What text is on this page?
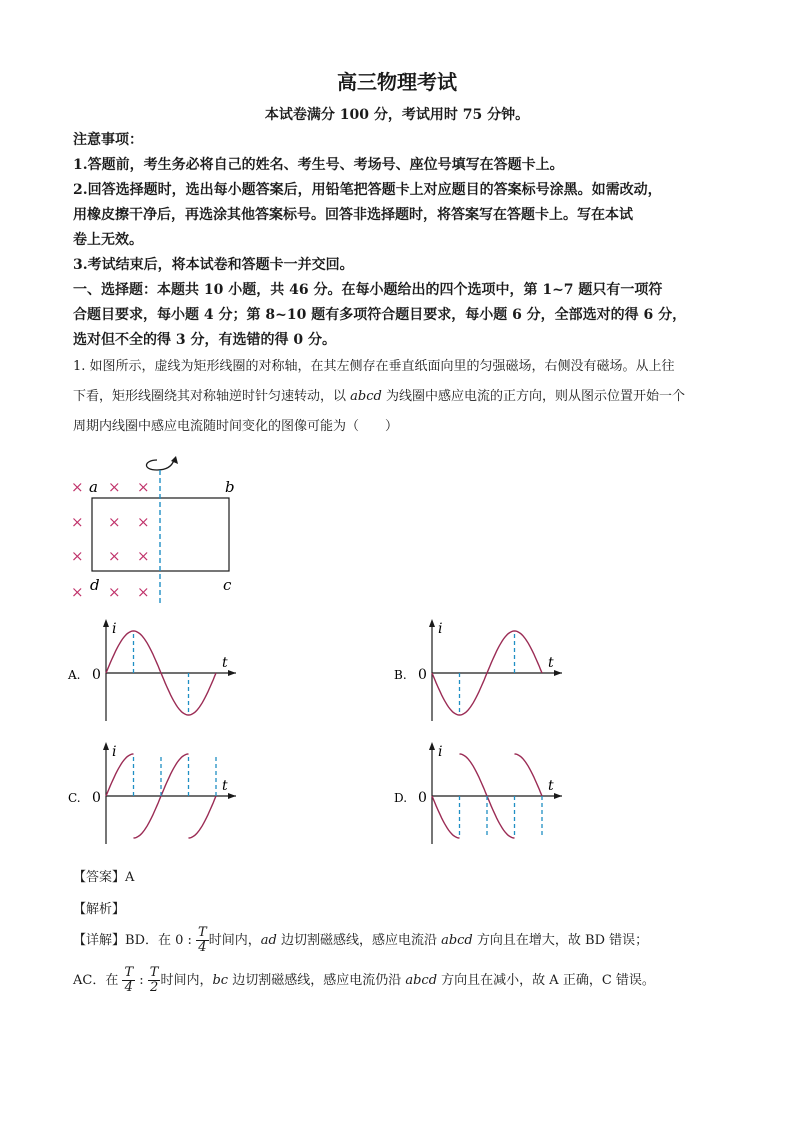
高三物理考试
本试卷满分 100 分，考试用时 75 分钟。
注意事项：
1.答题前，考生务必将自己的姓名、考生号、考场号、座位号填写在答题卡上。
2.回答选择题时，选出每小题答案后，用铅笔把答题卡上对应题目的答案标号涂黑。如需改动，
用橡皮擦干净后，再选涂其他答案标号。回答非选择题时，将答案写在答题卡上。写在本试
卷上无效。
3.考试结束后，将本试卷和答题卡一并交回。
一、选择题：本题共 10 小题，共 46 分。在每小题给出的四个选项中，第 1~7 题只有一项符
合题目要求，每小题 4 分；第 8~10 题有多项符合题目要求，每小题 6 分，全部选对的得 6 分，
选对但不全的得 3 分，有选错的得 0 分。
1. 如图所示，虚线为矩形线圈的对称轴，在其左侧存在垂直纸面向里的匀强磁场，右侧没有磁场。从上往
下看，矩形线圈绕其对称轴逆时针匀速转动，以 abcd 为线圈中感应电流的正方向，则从图示位置开始一个
周期内线圈中感应电流随时间变化的图像可能为（　　）
× × ×
× × ×
× × ×
× × ×
a	b
c
d
A.
i
t
0	B.
i
t
0
C.
i
t
0	D.
i
t
0
【答案】A
【解析】
【详解】BD．在 0 : $\frac{T}{4}$ 时间内，ad 边切割磁感线，感应电流沿 abcd 方向且在增大，故 BD 错误；
AC．在 $\frac{T}{4}$ : $\frac{T}{2}$ 时间内，bc 边切割磁感线，感应电流仍沿 abcd 方向且在减小，故 A 正确，C 错误。
